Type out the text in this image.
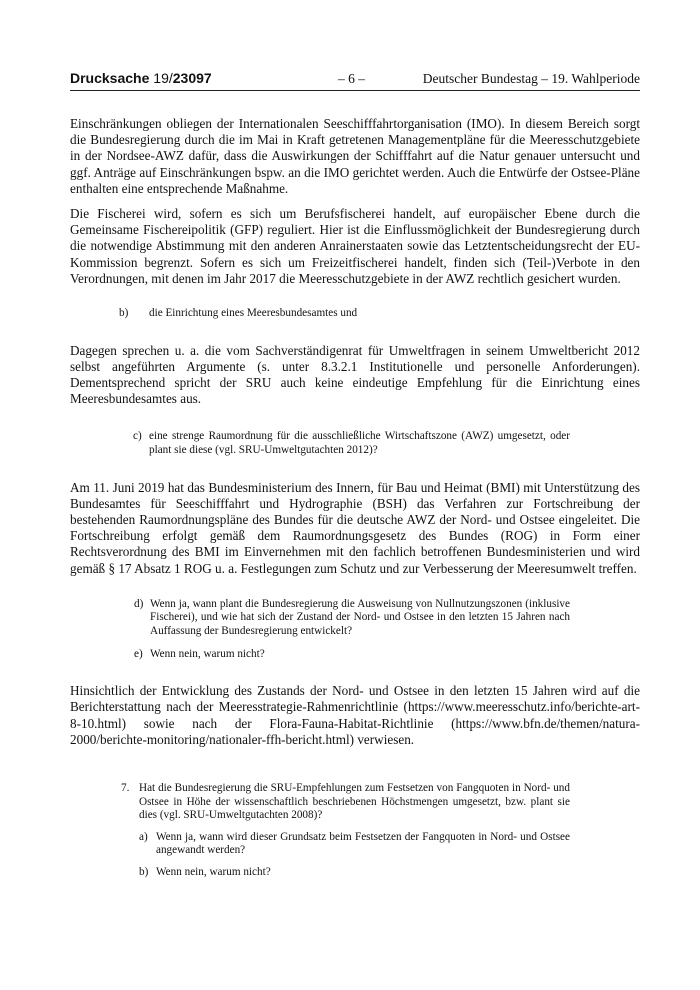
Drucksache 19/23097	– 6 –	Deutscher Bundestag – 19. Wahlperiode

Einschränkungen obliegen der Internationalen Seeschifffahrtorganisation (IMO). In diesem Bereich sorgt die Bundesregierung durch die im Mai in Kraft getretenen Managementpläne für die Meeresschutzgebiete in der Nordsee-AWZ dafür, dass die Auswirkungen der Schifffahrt auf die Natur genauer untersucht und ggf. Anträge auf Einschränkungen bspw. an die IMO gerichtet werden. Auch die Entwürfe der Ostsee-Pläne enthalten eine entsprechende Maßnahme.

Die Fischerei wird, sofern es sich um Berufsfischerei handelt, auf europäischer Ebene durch die Gemeinsame Fischereipolitik (GFP) reguliert. Hier ist die Einflussmöglichkeit der Bundesregierung durch die notwendige Abstimmung mit den anderen Anrainerstaaten sowie das Letztentscheidungsrecht der EU-Kommission begrenzt. Sofern es sich um Freizeitfischerei handelt, finden sich (Teil-)Verbote in den Verordnungen, mit denen im Jahr 2017 die Meeresschutzgebiete in der AWZ rechtlich gesichert wurden.

b)	die Einrichtung eines Meeresbundesamtes und

Dagegen sprechen u. a. die vom Sachverständigenrat für Umweltfragen in seinem Umweltbericht 2012 selbst angeführten Argumente (s. unter 8.3.2.1 Institutionelle und personelle Anforderungen). Dementsprechend spricht der SRU auch keine eindeutige Empfehlung für die Einrichtung eines Meeresbundesamtes aus.

c) eine strenge Raumordnung für die ausschließliche Wirtschaftszone (AWZ) umgesetzt, oder plant sie diese (vgl. SRU-Umweltgutachten 2012)?

Am 11. Juni 2019 hat das Bundesministerium des Innern, für Bau und Heimat (BMI) mit Unterstützung des Bundesamtes für Seeschifffahrt und Hydrographie (BSH) das Verfahren zur Fortschreibung der bestehenden Raumordnungspläne des Bundes für die deutsche AWZ der Nord- und Ostsee eingeleitet. Die Fortschreibung erfolgt gemäß dem Raumordnungsgesetz des Bundes (ROG) in Form einer Rechtsverordnung des BMI im Einvernehmen mit den fachlich betroffenen Bundesministerien und wird gemäß § 17 Absatz 1 ROG u. a. Festlegungen zum Schutz und zur Verbesserung der Meeresumwelt treffen.

d) Wenn ja, wann plant die Bundesregierung die Ausweisung von Nullnutzungszonen (inklusive Fischerei), und wie hat sich der Zustand der Nord- und Ostsee in den letzten 15 Jahren nach Auffassung der Bundesregierung entwickelt?
e) Wenn nein, warum nicht?

Hinsichtlich der Entwicklung des Zustands der Nord- und Ostsee in den letzten 15 Jahren wird auf die Berichterstattung nach der Meeresstrategie-Rahmenrichtlinie (https://www.meeresschutz.info/berichte-art-8-10.html) sowie nach der Flora-Fauna-Habitat-Richtlinie (https://www.bfn.de/themen/natura-2000/berichte-monitoring/nationaler-ffh-bericht.html) verwiesen.

7. Hat die Bundesregierung die SRU-Empfehlungen zum Festsetzen von Fangquoten in Nord- und Ostsee in Höhe der wissenschaftlich beschriebenen Höchstmengen umgesetzt, bzw. plant sie dies (vgl. SRU-Umweltgutachten 2008)?
a) Wenn ja, wann wird dieser Grundsatz beim Festsetzen der Fangquoten in Nord- und Ostsee angewandt werden?
b) Wenn nein, warum nicht?
